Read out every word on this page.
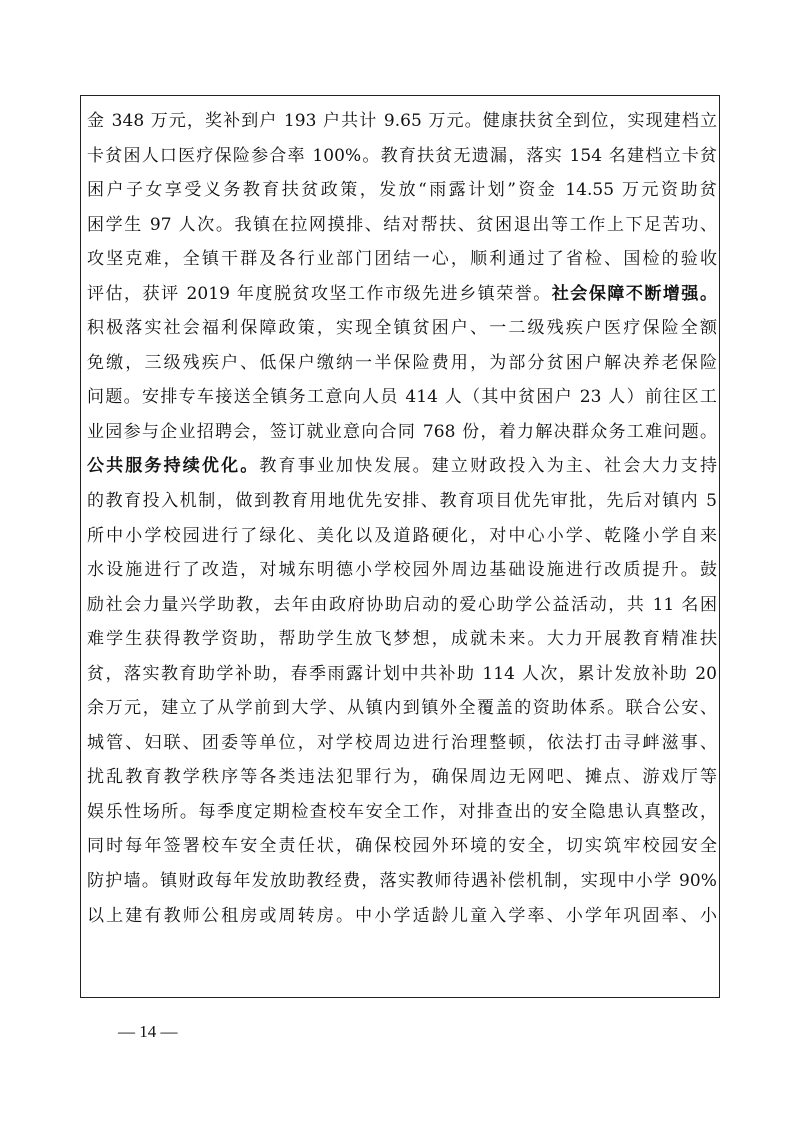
金 348 万元，奖补到户 193 户共计 9.65 万元。健康扶贫全到位，实现建档立
卡贫困人口医疗保险参合率 100%。教育扶贫无遗漏，落实 154 名建档立卡贫
困户子女享受义务教育扶贫政策，发放“雨露计划”资金 14.55 万元资助贫
困学生 97 人次。我镇在拉网摸排、结对帮扶、贫困退出等工作上下足苦功、
攻坚克难，全镇干群及各行业部门团结一心，顺利通过了省检、国检的验收
评估，获评 2019 年度脱贫攻坚工作市级先进乡镇荣誉。社会保障不断增强。
积极落实社会福利保障政策，实现全镇贫困户、一二级残疾户医疗保险全额
免缴，三级残疾户、低保户缴纳一半保险费用，为部分贫困户解决养老保险
问题。安排专车接送全镇务工意向人员 414 人（其中贫困户 23 人）前往区工
业园参与企业招聘会，签订就业意向合同 768 份，着力解决群众务工难问题。
公共服务持续优化。教育事业加快发展。建立财政投入为主、社会大力支持
的教育投入机制，做到教育用地优先安排、教育项目优先审批，先后对镇内 5
所中小学校园进行了绿化、美化以及道路硬化，对中心小学、乾隆小学自来
水设施进行了改造，对城东明德小学校园外周边基础设施进行改质提升。鼓
励社会力量兴学助教，去年由政府协助启动的爱心助学公益活动，共 11 名困
难学生获得教学资助，帮助学生放飞梦想，成就未来。大力开展教育精准扶
贫，落实教育助学补助，春季雨露计划中共补助 114 人次，累计发放补助 20
余万元，建立了从学前到大学、从镇内到镇外全覆盖的资助体系。联合公安、
城管、妇联、团委等单位，对学校周边进行治理整顿，依法打击寻衅滋事、
扰乱教育教学秩序等各类违法犯罪行为，确保周边无网吧、摊点、游戏厅等
娱乐性场所。每季度定期检查校车安全工作，对排查出的安全隐患认真整改，
同时每年签署校车安全责任状，确保校园外环境的安全，切实筑牢校园安全
防护墙。镇财政每年发放助教经费，落实教师待遇补偿机制，实现中小学 90%
以上建有教师公租房或周转房。中小学适龄儿童入学率、小学年巩固率、小
— 14 —
